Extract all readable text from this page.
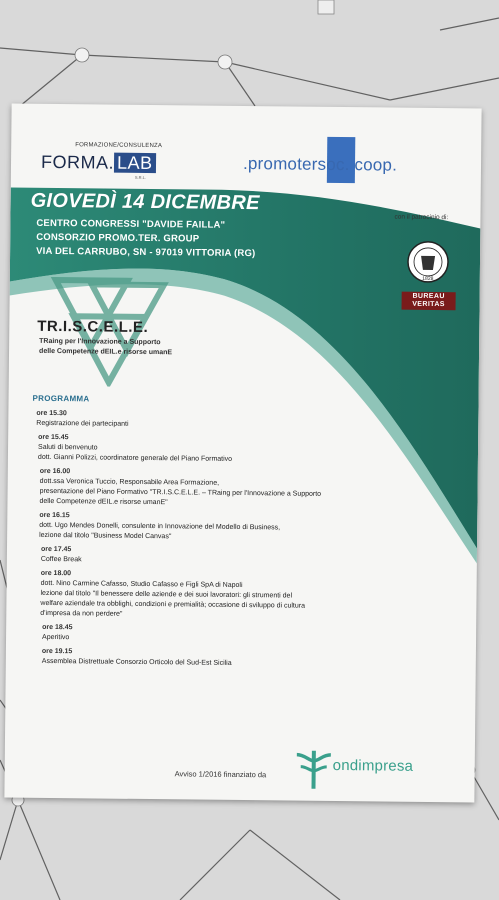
FORMAZIONE/CONSULENZA
FORMA. LAB
S.R.L.
.promotersoc. coop.
GIOVEDÌ 14 DICEMBRE
CENTRO CONGRESSI "DAVIDE FAILLA"
CONSORZIO PROMO.TER. GROUP
VIA DEL CARRUBO, SN - 97019 VITTORIA (RG)
con il patrocinio di:
1828
BUREAU
VERITAS
TR.I.S.C.E.L.E.
TRaing per l'Innovazione a Supporto
delle Competenze dEIL.e risorse umanE
PROGRAMMA
ore 15.30
Registrazione dei partecipanti
ore 15.45
Saluti di benvenuto
dott. Gianni Polizzi, coordinatore generale del Piano Formativo
ore 16.00
dott.ssa Veronica Tuccio, Responsabile Area Formazione,
presentazione del Piano Formativo "TR.I.S.C.E.L.E. – TRaing per l'Innovazione a Supporto
delle Competenze dEIL.e risorse umanE"
ore 16.15
dott. Ugo Mendes Donelli, consulente in Innovazione del Modello di Business,
lezione dal titolo "Business Model Canvas"
ore 17.45
Coffee Break
ore 18.00
dott. Nino Carmine Cafasso, Studio Cafasso e Figli SpA di Napoli
lezione dal titolo "Il benessere delle aziende e dei suoi lavoratori: gli strumenti del
welfare aziendale tra obblighi, condizioni e premialità; occasione di sviluppo di cultura
d'impresa da non perdere"
ore 18.45
Aperitivo
ore 19.15
Assemblea Distrettuale Consorzio Orticolo del Sud-Est Sicilia
Avviso 1/2016 finanziato da	ondimpresa
